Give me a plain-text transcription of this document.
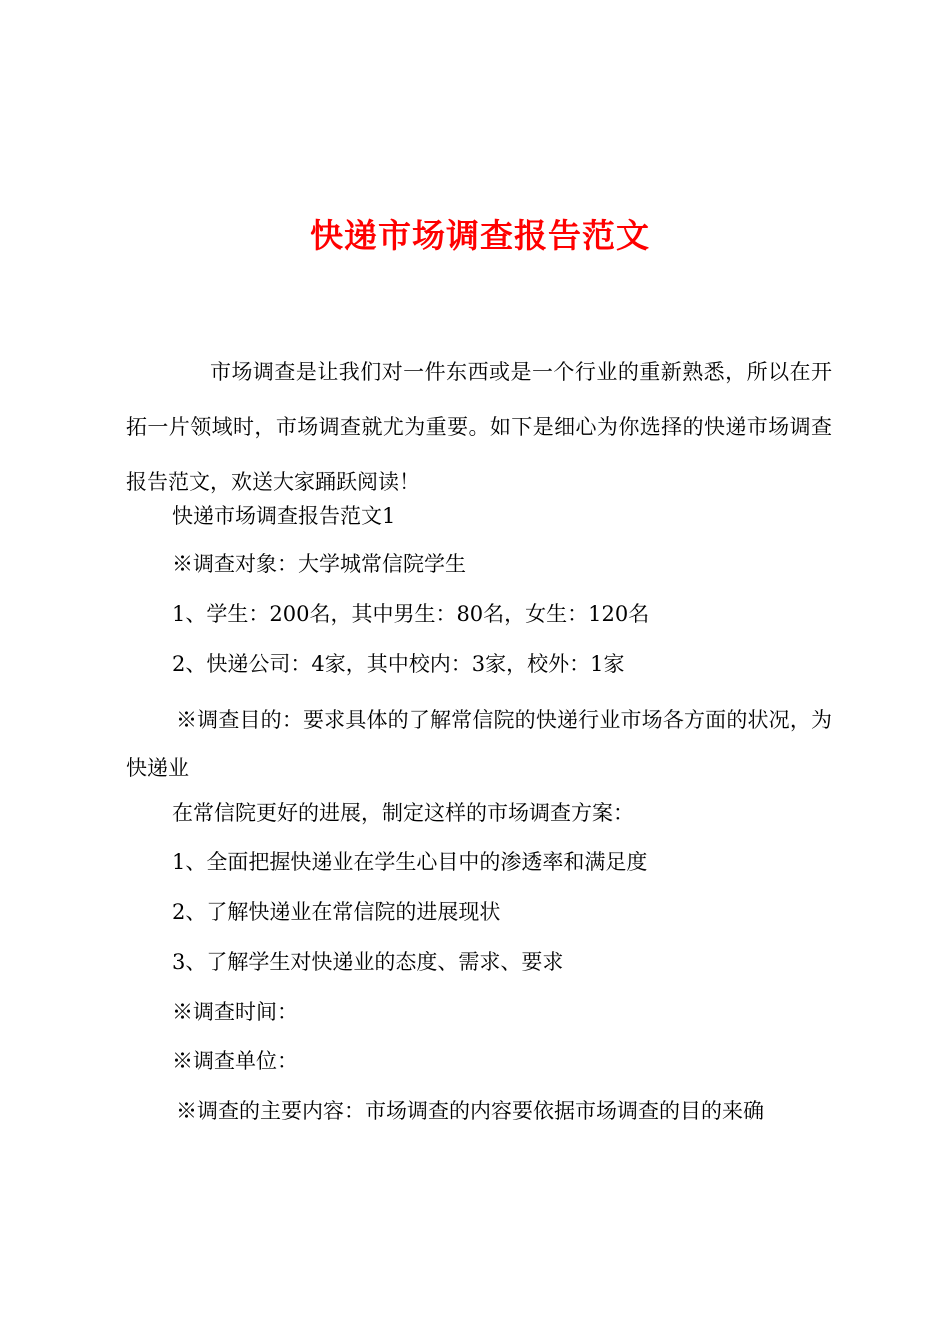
快递市场调查报告范文

市场调查是让我们对一件东西或是一个行业的重新熟悉，所以在开拓一片领域时，市场调查就尤为重要。如下是细心为你选择的快递市场调查报告范文，欢送大家踊跃阅读！

快递市场调查报告范文1

※调查对象：大学城常信院学生

1、学生：200名，其中男生：80名，女生：120名

2、快递公司：4家，其中校内：3家，校外：1家

※调查目的：要求具体的了解常信院的快递行业市场各方面的状况，为快递业

在常信院更好的进展，制定这样的市场调查方案：

1、全面把握快递业在学生心目中的渗透率和满足度

2、了解快递业在常信院的进展现状

3、了解学生对快递业的态度、需求、要求

※调查时间：

※调查单位：

※调查的主要内容：市场调查的内容要依据市场调查的目的来确
